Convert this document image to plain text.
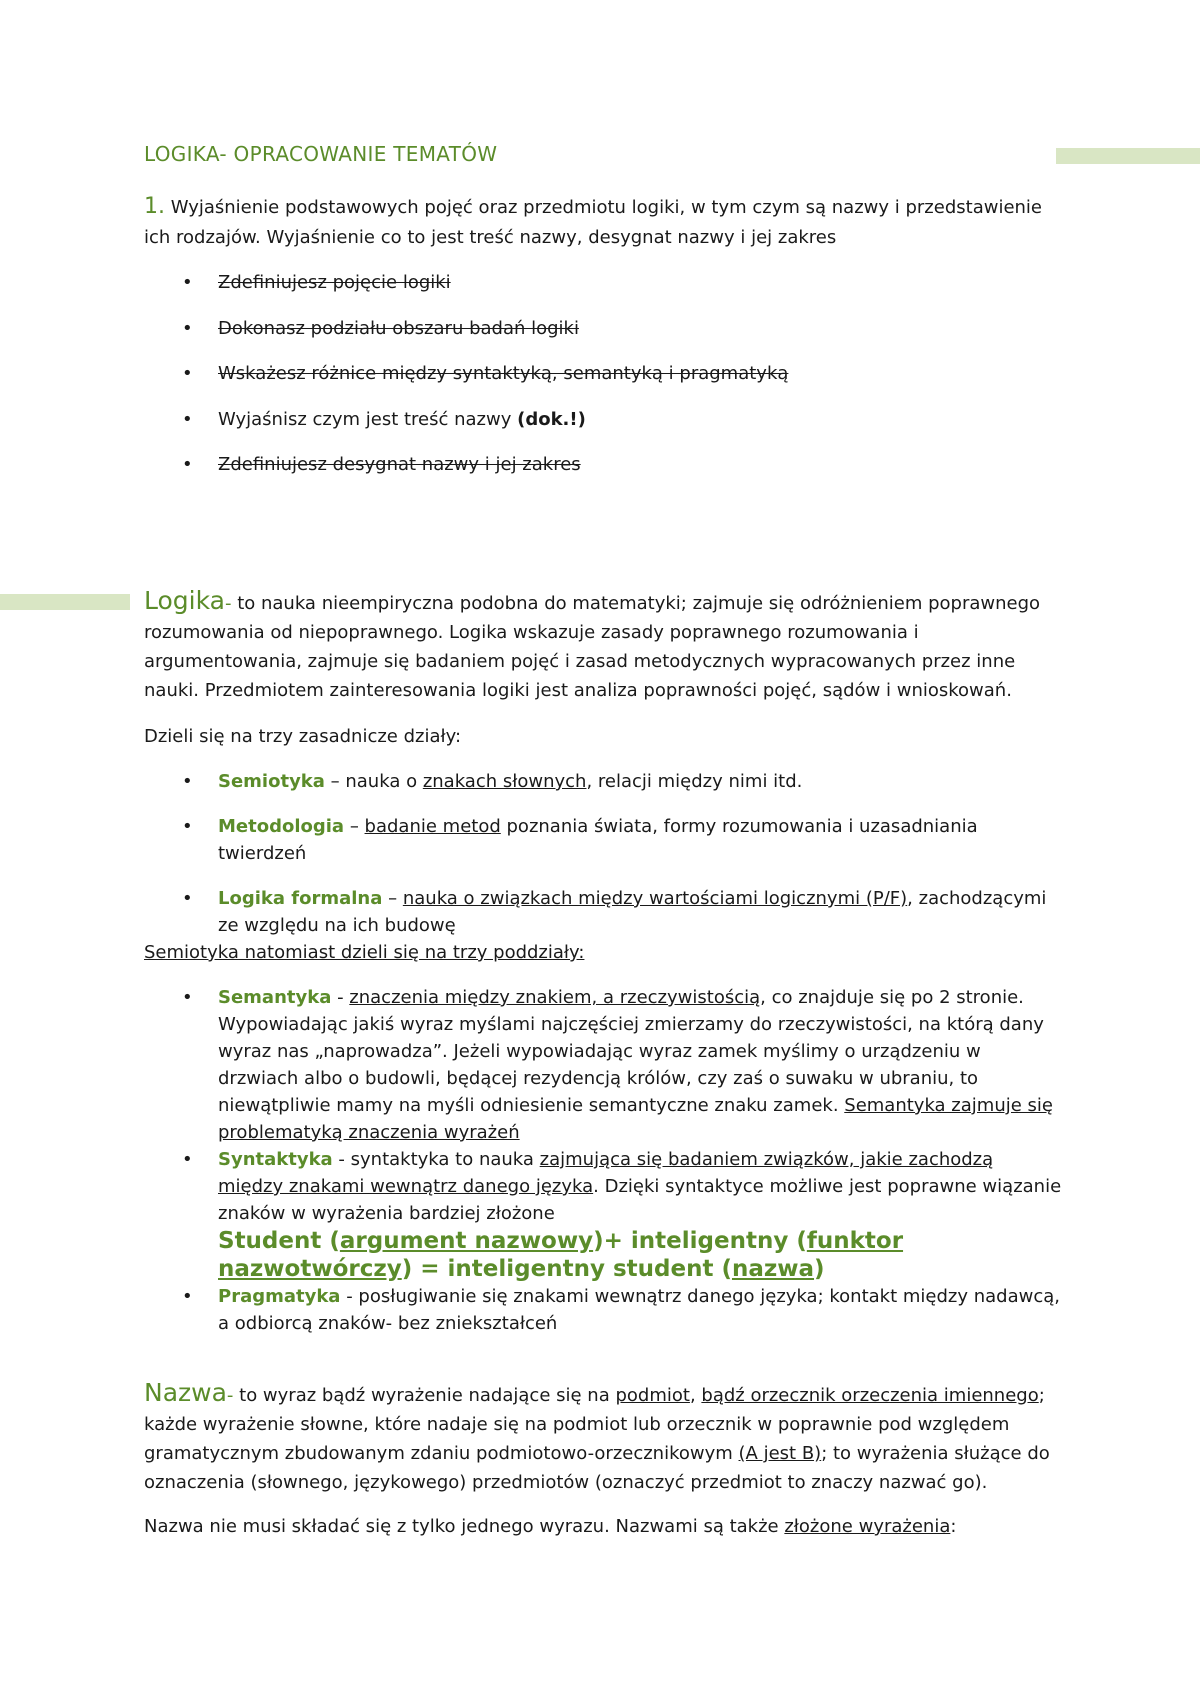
LOGIKA- OPRACOWANIE TEMATÓW

1. Wyjaśnienie podstawowych pojęć oraz przedmiotu logiki, w tym czym są nazwy i przedstawienie ich rodzajów. Wyjaśnienie co to jest treść nazwy, desygnat nazwy i jej zakres

• Zdefiniujesz pojęcie logiki
• Dokonasz podziału obszaru badań logiki
• Wskażesz różnice między syntaktyką, semantyką i pragmatyką
• Wyjaśnisz czym jest treść nazwy (dok.!)
• Zdefiniujesz desygnat nazwy i jej zakres

Logika- to nauka nieempiryczna podobna do matematyki; zajmuje się odróżnieniem poprawnego rozumowania od niepoprawnego. Logika wskazuje zasady poprawnego rozumowania i argumentowania, zajmuje się badaniem pojęć i zasad metodycznych wypracowanych przez inne nauki. Przedmiotem zainteresowania logiki jest analiza poprawności pojęć, sądów i wnioskowań.

Dzieli się na trzy zasadnicze działy:

• Semiotyka – nauka o znakach słownych, relacji między nimi itd.
• Metodologia – badanie metod poznania świata, formy rozumowania i uzasadniania twierdzeń
• Logika formalna – nauka o związkach między wartościami logicznymi (P/F), zachodzącymi ze względu na ich budowę

Semiotyka natomiast dzieli się na trzy poddziały:

• Semantyka - znaczenia między znakiem, a rzeczywistością, co znajduje się po 2 stronie. Wypowiadając jakiś wyraz myślami najczęściej zmierzamy do rzeczywistości, na którą dany wyraz nas „naprowadza”. Jeżeli wypowiadając wyraz zamek myślimy o urządzeniu w drzwiach albo o budowli, będącej rezydencją królów, czy zaś o suwaku w ubraniu, to niewątpliwie mamy na myśli odniesienie semantyczne znaku zamek. Semantyka zajmuje się problematyką znaczenia wyrażeń
• Syntaktyka - syntaktyka to nauka zajmująca się badaniem związków, jakie zachodzą między znakami wewnątrz danego języka. Dzięki syntaktyce możliwe jest poprawne wiązanie znaków w wyrażenia bardziej złożone
Student (argument nazwowy)+ inteligentny (funktor nazwotwórczy) = inteligentny student (nazwa)
• Pragmatyka - posługiwanie się znakami wewnątrz danego języka; kontakt między nadawcą, a odbiorcą znaków- bez zniekształceń

Nazwa- to wyraz bądź wyrażenie nadające się na podmiot, bądź orzecznik orzeczenia imiennego; każde wyrażenie słowne, które nadaje się na podmiot lub orzecznik w poprawnie pod względem gramatycznym zbudowanym zdaniu podmiotowo-orzecznikowym (A jest B); to wyrażenia służące do oznaczenia (słownego, językowego) przedmiotów (oznaczyć przedmiot to znaczy nazwać go).

Nazwa nie musi składać się z tylko jednego wyrazu. Nazwami są także złożone wyrażenia:
